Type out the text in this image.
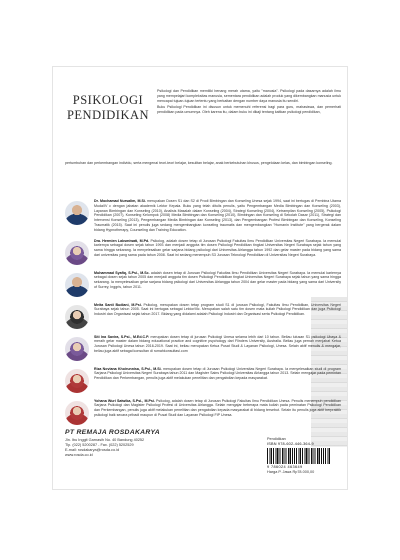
PSIKOLOGI
PENDIDIKAN

Psikologi dan Pendidikan memiliki benang merah utama, yaitu "manusia". Psikologi pada dasarnya adalah ilmu yang mempelajari kompleksitas manusia, sementara pendidikan adalah produk yang dikembangkan manusia untuk mencapai tujuan-tujuan tertentu yang berkaitan dengan number daya manusia itu sendiri.

Buku Psikologi Pendidikan ini disusun untuk memenuhi referensi bagi para guru, mahasiswa, dan pemerhati pendidikan pada umumnya. Oleh karena itu, dalam buku ini dikaji tentang kaitkan psikologi pendidikan,

pertumbuhan dan perkembangan individu, serta mengenai teori-teori belajar, kesulitan belajar, anak berkebutuhan khusus, pengelolaan kelas, dan bimbingan konseling.
Dr. Mochamad Nursalim, M.Si. merupakan Dosen S1 dan S2 di Prodi Bimbingan dan Konseling Unesa sejak 1994, saat ini bertugas di Pembina Utama Muda/IV c dengan jabatan akademik Lektor Kepala. Buku yang telah ditulis penulis, yaitu Pengembangan Media Bimbingan dan Konseling (2003), Layanan Bimbingan dan Konseling (2010), Analisis Masalah dalam Konseling (2004), Strategi Konseling (2004), Ketrampilan Konseling (2005), Psikologi Pendidikan (2007), Konseling Kelompok (2008) Media Bimbingan dan Konseling (2010), Bimbingan dan Konseling di Sekolah Dasar (2011), Strategi dan Intervensi Konseling (2013), Pengembangan Media Bimbingan dan Konseling (2013), dan Pengembangan Profesi Bimbingan dan Konseling, Konseling Traumatik (2015). Saat ini penulis juga sedang mengembangkan konseling traumatis dan mengembangkan "Humanin Institute" yang bergerak dalam bidang Hypnotherapy, Counseling dan Training Education.
Dra. Hermien Laksmiwati, M.Pd. Psikolog, adalah dosen tetap di Jurusan Psikologi Fakultas Ilmu Pendidikan Universitas Negeri Surabaya. Ia memulai kariernya sebagai dosen sejak tahun 1993 dan menjadi anggota tim dosen Psikologi Pendidikan tingkat Universitas Negeri Surabaya sejak tahun yang sama hingga sekarang. Ia menyelesaikan gelar sarjana bidang psikologi dari Universitas Airlangga tahun 1992 dan gelar master pada bidang yang sama dari universitas yang sama pada tahun 2008. Saat ini sedang menempuh S3 Jurusan Teknologi Pendidikan di Universitas Negeri Surabaya.
Muhammad Syafiq, S.Psi., M.Sc. adalah dosen tetap di Jurusan Psikologi Fakultas Ilmu Pendidikan Universitas Negeri Surabaya. Ia memulai kariernya sebagai dosen sejak tahun 2005 dan menjadi anggota tim dosen Psikologi Pendidikan tingkat Universitas Negeri Surabaya sejak tahun yang sama hingga sekarang. Ia menyelesaikan gelar sarjana bidang psikologi dari Universitas Airlangga tahun 2004 dan gelar master pada bidang yang sama dari University of Surrey, Inggris, tahun 2011.
Meita Santi Budiani, M.Psi. Psikolog, merupakan dosen tetap program studi S1 di jurusan Psikologi, Fakultas Ilmu Pendidikan, Universitas Negeri Surabaya sejak tahun 2005. Saat ini bertugas sebagai Lektor/IIIc. Merupakan salah satu tim dosen mata kuliah Psikologi Pendidikan dan juga Psikologi Industri dan Organisasi sejak tahun 2017. Bidang yang didalami adalah Psikologi Industri dan Organisasi serta Psikologi Pendidikan.
Siti Ina Savira, S.Psi., M.Ed.C.P. merupakan dosen tetap di jurusan Psikologi Unesa selama lebih dari 10 tahun. Beliau lulusan S1 psikologi Ubaya & meraih gelar master dalam bidang educational practice and cognitive psychology dari Flinders University, Australia. Beliau juga pernah menjabat Ketua Jurusan Psikologi Unesa tahun 2016-2019. Saat ini, beliau merupakan Ketua Pusat Studi & Layanan Psikologi, Unesa. Selain aktif menulis & mengajar, beliau juga aktif sebagai konsultan di rumahkonsultasi.com
Riza Noviana Khoirunnisa, S.Psi., M.Si. merupakan dosen tetap di Jurusan Psikologi Universitas Negeri Surabaya. Ia menyelesaikan studi di program Sarjana Psikologi Universitas Negeri Surabaya tahun 2011 dan Magister Sains Psikologi Universitas Airlangga tahun 2013. Selain mengajar pada pemintan Pendidikan dan Perkembangan, penulis juga aktif melakukan penelitian dan pengabdian kepada masyarakat.
Yohana Wuri Satwika, S.Psi., M.Psi. Psikolog, adalah dosen tetap di Jurusan Psikologi Fakultas Ilmu Pendidikan Unesa. Penulis menempuh pendidikan Sarjana Psikologi dan Magister Psikologi Profesi di Universitas Airlangga. Selain mengajar beberapa mata kuliah pada peminatan Psikologi Pendidikan dan Perkembangan, penulis juga aktif melakukan penelitian dan pengabdian kepada masyarakat di bidang tersebut. Selain itu penulis juga aktif berpraktik psikologi baik secara pribadi maupun di Pusat Studi dan Layanan Psikologi FIP Unesa.
PT REMAJA ROSDAKARYA
Jln. Ibu Inggit Garnasih No. 40 Bandung 40252
Tlp. (022) 5200287 - Fax. (022) 5202529
E-mail: rosdakarya@rosda.co.id
www.rosda.co.id
Pendidikan
ISBN 978-602-446-364-9
9 786024 463649
Harga P. Jawa Rp78.000,00
